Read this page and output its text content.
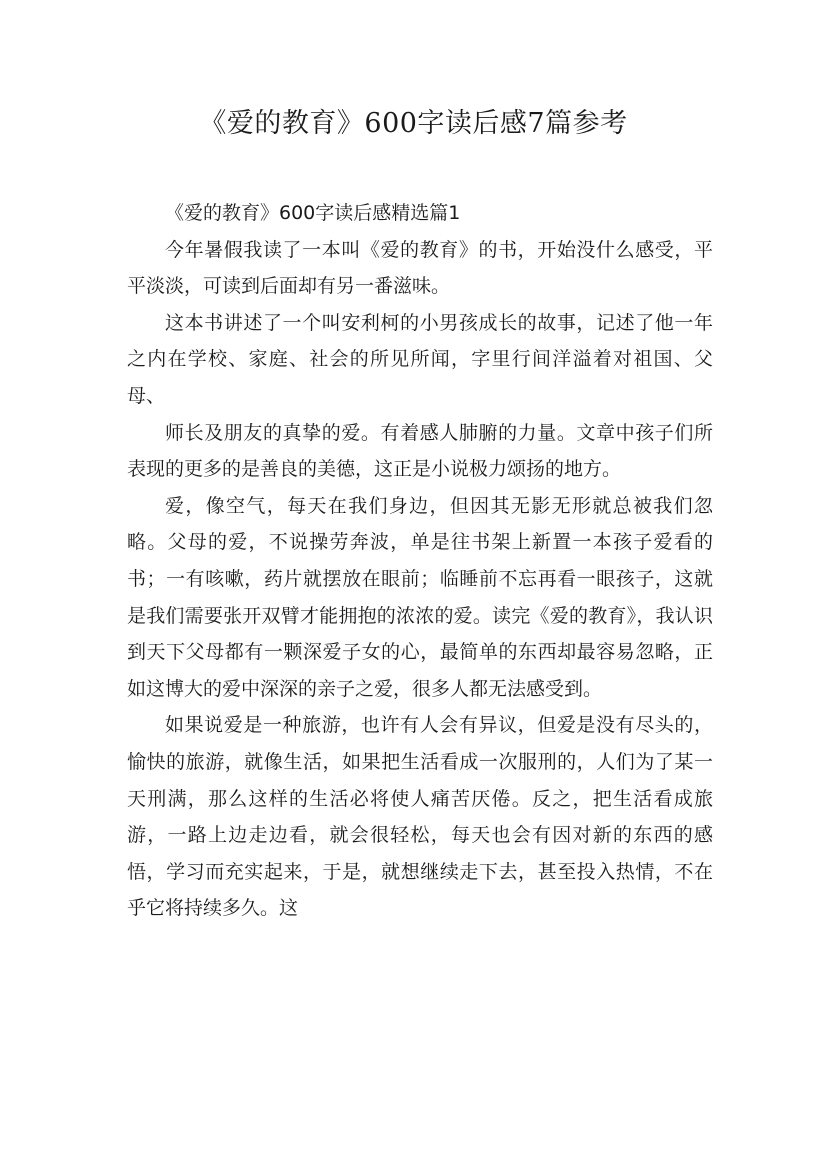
《爱的教育》600字读后感7篇参考

《爱的教育》600字读后感精选篇1

今年暑假我读了一本叫《爱的教育》的书，开始没什么感受，平平淡淡，可读到后面却有另一番滋味。

这本书讲述了一个叫安利柯的小男孩成长的故事，记述了他一年之内在学校、家庭、社会的所见所闻，字里行间洋溢着对祖国、父母、

师长及朋友的真挚的爱。有着感人肺腑的力量。文章中孩子们所表现的更多的是善良的美德，这正是小说极力颂扬的地方。

爱，像空气，每天在我们身边，但因其无影无形就总被我们忽略。父母的爱，不说操劳奔波，单是往书架上新置一本孩子爱看的书；一有咳嗽，药片就摆放在眼前；临睡前不忘再看一眼孩子，这就是我们需要张开双臂才能拥抱的浓浓的爱。读完《爱的教育》，我认识到天下父母都有一颗深爱子女的心，最简单的东西却最容易忽略，正如这博大的爱中深深的亲子之爱，很多人都无法感受到。

如果说爱是一种旅游，也许有人会有异议，但爱是没有尽头的，愉快的旅游，就像生活，如果把生活看成一次服刑的，人们为了某一天刑满，那么这样的生活必将使人痛苦厌倦。反之，把生活看成旅游，一路上边走边看，就会很轻松，每天也会有因对新的东西的感悟，学习而充实起来，于是，就想继续走下去，甚至投入热情，不在乎它将持续多久。这
